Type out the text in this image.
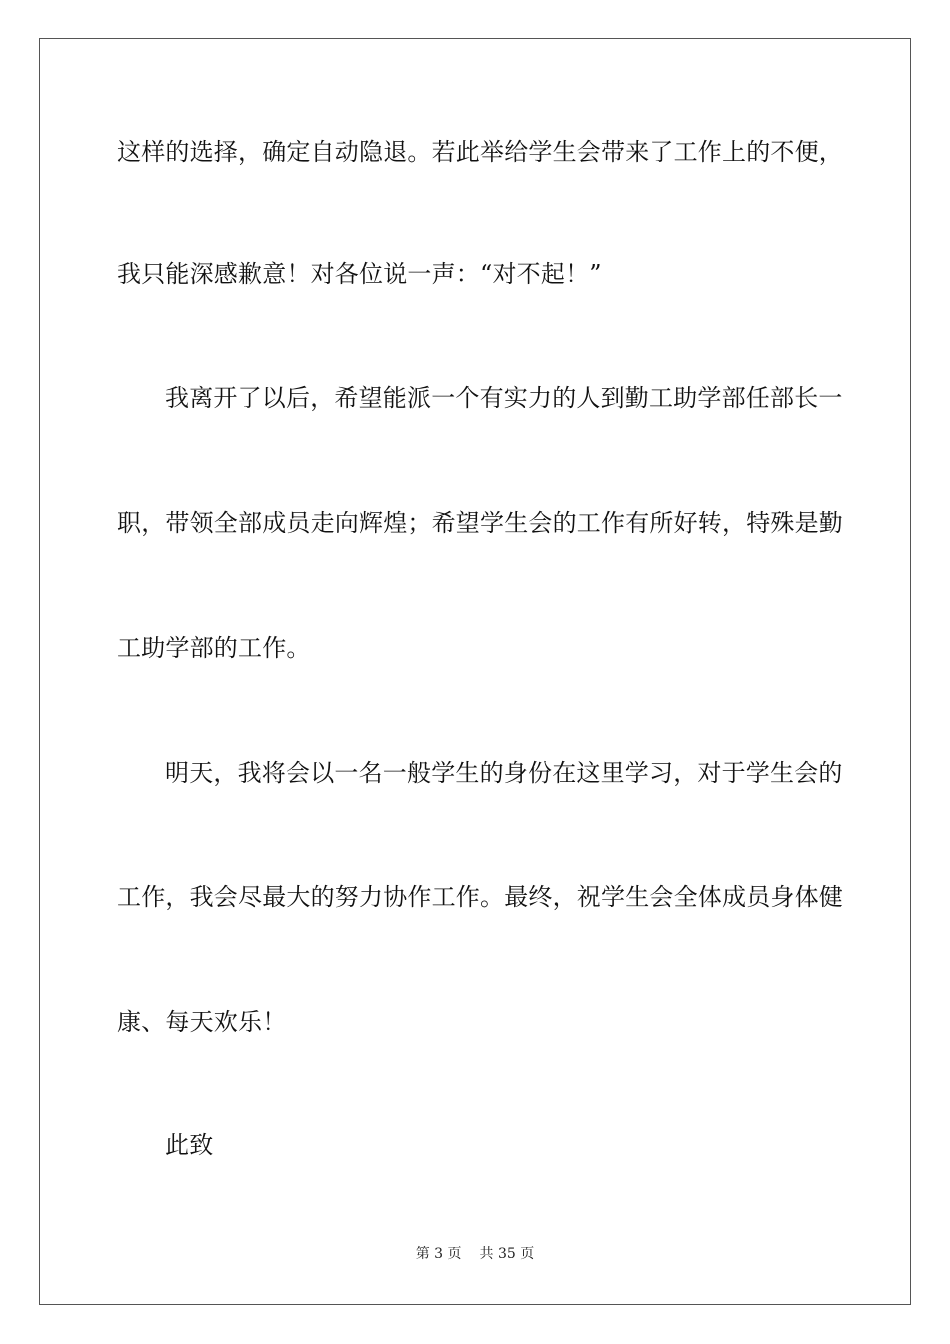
这样的选择，确定自动隐退。若此举给学生会带来了工作上的不便，
我只能深感歉意！对各位说一声：“对不起！”
我离开了以后，希望能派一个有实力的人到勤工助学部任部长一
职，带领全部成员走向辉煌；希望学生会的工作有所好转，特殊是勤
工助学部的工作。
明天，我将会以一名一般学生的身份在这里学习，对于学生会的
工作，我会尽最大的努力协作工作。最终，祝学生会全体成员身体健
康、每天欢乐！
此致
第 3 页 共 35 页
